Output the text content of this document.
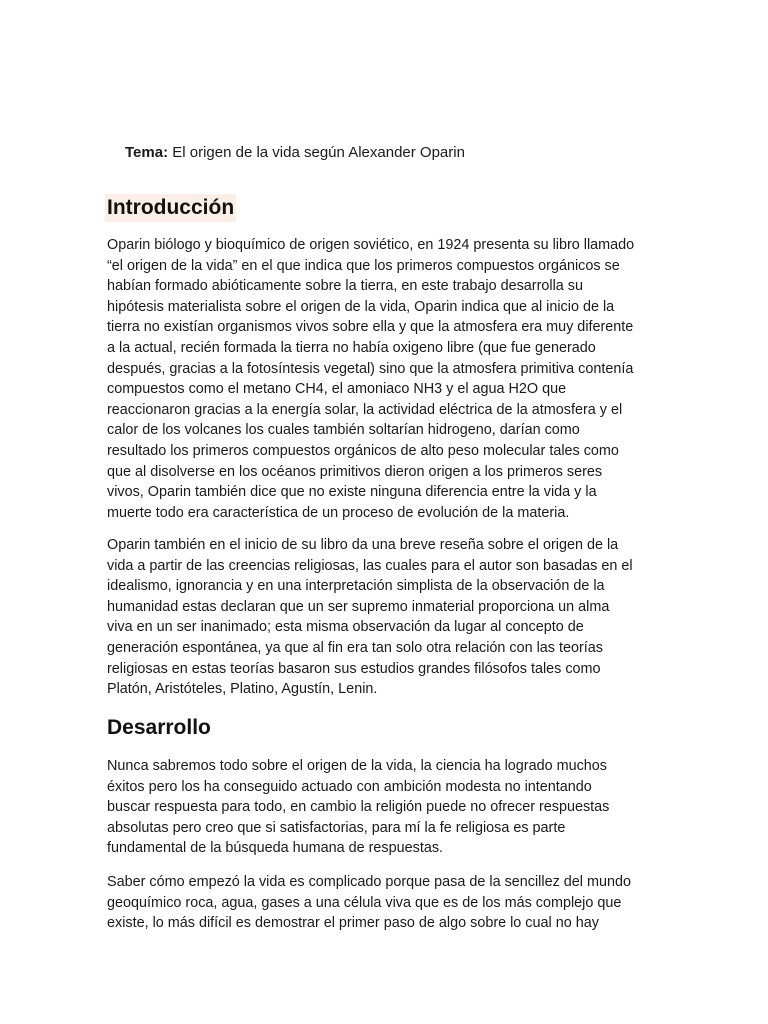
Tema: El origen de la vida según Alexander Oparin
Introducción
Oparin biólogo y bioquímico de origen soviético, en 1924 presenta su libro llamado
“el origen de la vida” en el que indica que los primeros compuestos orgánicos se
habían formado abióticamente sobre la tierra, en este trabajo desarrolla su
hipótesis materialista sobre el origen de la vida, Oparin indica que al inicio de la
tierra no existían organismos vivos sobre ella y que la atmosfera era muy diferente
a la actual, recién formada la tierra no había oxigeno libre (que fue generado
después, gracias a la fotosíntesis vegetal) sino que la atmosfera primitiva contenía
compuestos como el metano CH4, el amoniaco NH3 y el agua H2O que
reaccionaron gracias a la energía solar, la actividad eléctrica de la atmosfera y el
calor de los volcanes los cuales también soltarían hidrogeno, darían como
resultado los primeros compuestos orgánicos de alto peso molecular tales como
que al disolverse en los océanos primitivos dieron origen a los primeros seres
vivos, Oparin también dice que no existe ninguna diferencia entre la vida y la
muerte todo era característica de un proceso de evolución de la materia.
Oparin también en el inicio de su libro da una breve reseña sobre el origen de la
vida a partir de las creencias religiosas, las cuales para el autor son basadas en el
idealismo, ignorancia y en una interpretación simplista de la observación de la
humanidad estas declaran que un ser supremo inmaterial proporciona un alma
viva en un ser inanimado; esta misma observación da lugar al concepto de
generación espontánea, ya que al fin era tan solo otra relación con las teorías
religiosas en estas teorías basaron sus estudios grandes filósofos tales como
Platón, Aristóteles, Platino, Agustín, Lenin.
Desarrollo
Nunca sabremos todo sobre el origen de la vida, la ciencia ha logrado muchos
éxitos pero los ha conseguido actuado con ambición modesta no intentando
buscar respuesta para todo, en cambio la religión puede no ofrecer respuestas
absolutas pero creo que si satisfactorias, para mí la fe religiosa es parte
fundamental de la búsqueda humana de respuestas.
Saber cómo empezó la vida es complicado porque pasa de la sencillez del mundo
geoquímico roca, agua, gases a una célula viva que es de los más complejo que
existe, lo más difícil es demostrar el primer paso de algo sobre lo cual no hay
